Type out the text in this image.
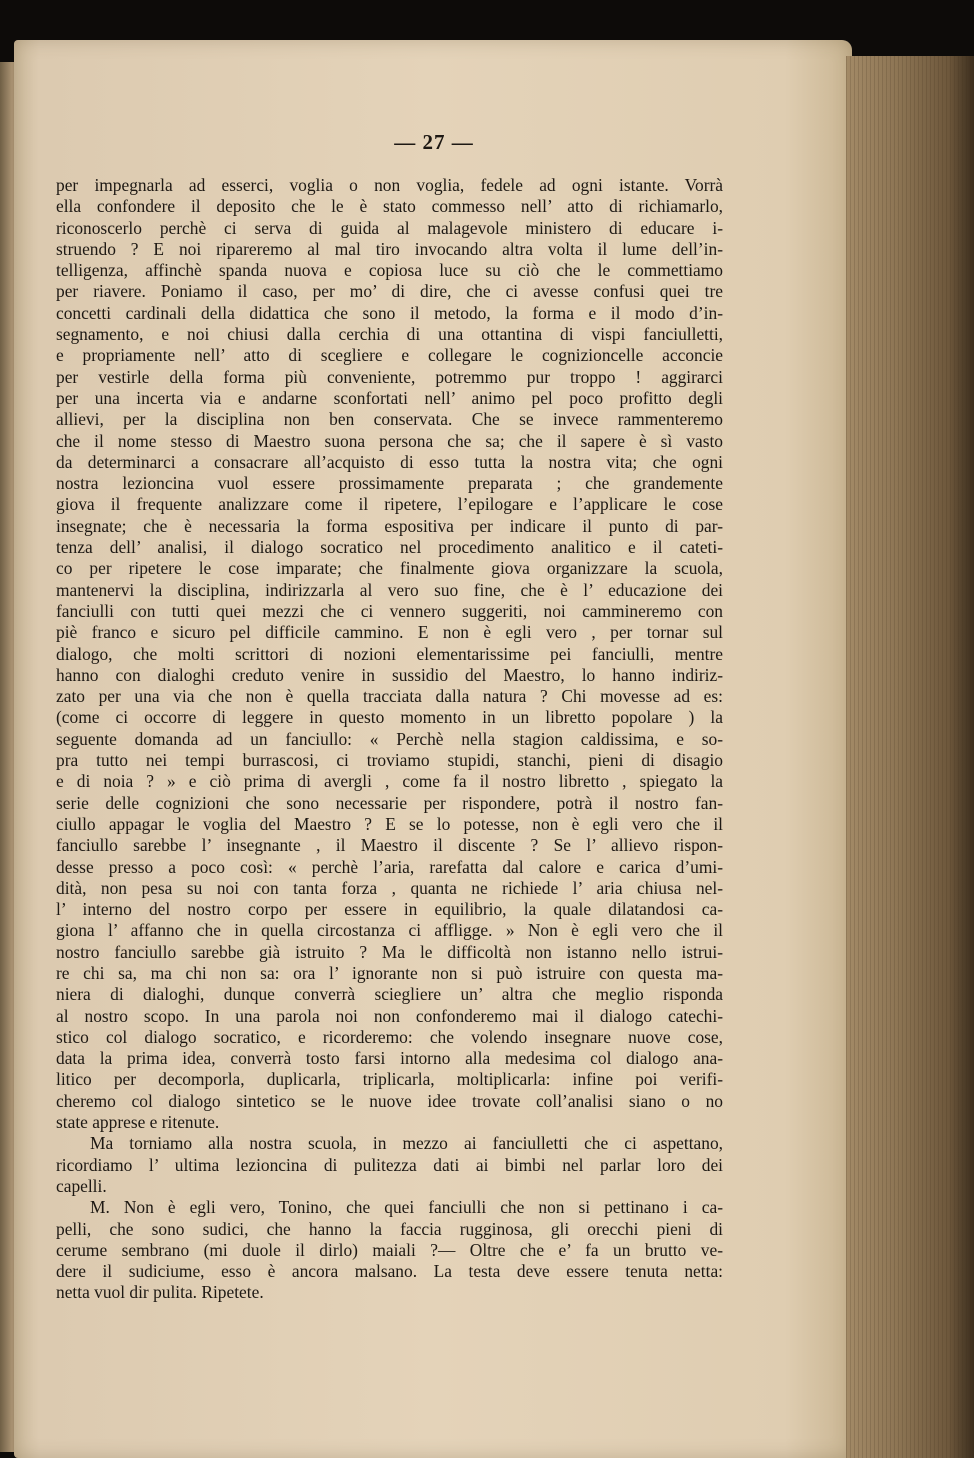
— 27 —
per impegnarla ad esserci, voglia o non voglia, fedele ad ogni istante. Vorrà
ella confondere il deposito che le è stato commesso nell’ atto di richiamarlo,
riconoscerlo perchè ci serva di guida al malagevole ministero di educare i-
struendo ? E noi ripareremo al mal tiro invocando altra volta il lume dell’in-
telligenza, affinchè spanda nuova e copiosa luce su ciò che le commettiamo
per riavere. Poniamo il caso, per mo’ di dire, che ci avesse confusi quei tre
concetti cardinali della didattica che sono il metodo, la forma e il modo d’in-
segnamento, e noi chiusi dalla cerchia di una ottantina di vispi fanciulletti,
e propriamente nell’ atto di scegliere e collegare le cognizioncelle acconcie
per vestirle della forma più conveniente, potremmo pur troppo ! aggirarci
per una incerta via e andarne sconfortati nell’ animo pel poco profitto degli
allievi, per la disciplina non ben conservata. Che se invece rammenteremo
che il nome stesso di Maestro suona persona che sa; che il sapere è sì vasto
da determinarci a consacrare all’acquisto di esso tutta la nostra vita; che ogni
nostra lezioncina vuol essere prossimamente preparata ; che grandemente
giova il frequente analizzare come il ripetere, l’epilogare e l’applicare le cose
insegnate; che è necessaria la forma espositiva per indicare il punto di par-
tenza dell’ analisi, il dialogo socratico nel procedimento analitico e il cateti-
co per ripetere le cose imparate; che finalmente giova organizzare la scuola,
mantenervi la disciplina, indirizzarla al vero suo fine, che è l’ educazione dei
fanciulli con tutti quei mezzi che ci vennero suggeriti, noi cammineremo con
piè franco e sicuro pel difficile cammino. E non è egli vero , per tornar sul
dialogo, che molti scrittori di nozioni elementarissime pei fanciulli, mentre
hanno con dialoghi creduto venire in sussidio del Maestro, lo hanno indiriz-
zato per una via che non è quella tracciata dalla natura ? Chi movesse ad es:
(come ci occorre di leggere in questo momento in un libretto popolare ) la
seguente domanda ad un fanciullo: « Perchè nella stagion caldissima, e so-
pra tutto nei tempi burrascosi, ci troviamo stupidi, stanchi, pieni di disagio
e di noia ? » e ciò prima di avergli , come fa il nostro libretto , spiegato la
serie delle cognizioni che sono necessarie per rispondere, potrà il nostro fan-
ciullo appagar le voglia del Maestro ? E se lo potesse, non è egli vero che il
fanciullo sarebbe l’ insegnante , il Maestro il discente ? Se l’ allievo rispon-
desse presso a poco così: « perchè l’aria, rarefatta dal calore e carica d’umi-
dità, non pesa su noi con tanta forza , quanta ne richiede l’ aria chiusa nel-
l’ interno del nostro corpo per essere in equilibrio, la quale dilatandosi ca-
giona l’ affanno che in quella circostanza ci affligge. » Non è egli vero che il
nostro fanciullo sarebbe già istruito ? Ma le difficoltà non istanno nello istrui-
re chi sa, ma chi non sa: ora l’ ignorante non si può istruire con questa ma-
niera di dialoghi, dunque converrà sciegliere un’ altra che meglio risponda
al nostro scopo. In una parola noi non confonderemo mai il dialogo catechi-
stico col dialogo socratico, e ricorderemo: che volendo insegnare nuove cose,
data la prima idea, converrà tosto farsi intorno alla medesima col dialogo ana-
litico per decomporla, duplicarla, triplicarla, moltiplicarla: infine poi verifi-
cheremo col dialogo sintetico se le nuove idee trovate coll’analisi siano o no
state apprese e ritenute.
Ma torniamo alla nostra scuola, in mezzo ai fanciulletti che ci aspettano,
ricordiamo l’ ultima lezioncina di pulitezza dati ai bimbi nel parlar loro dei
capelli.
M. Non è egli vero, Tonino, che quei fanciulli che non si pettinano i ca-
pelli, che sono sudici, che hanno la faccia rugginosa, gli orecchi pieni di
cerume sembrano (mi duole il dirlo) maiali ?— Oltre che e’ fa un brutto ve-
dere il sudiciume, esso è ancora malsano. La testa deve essere tenuta netta:
netta vuol dir pulita. Ripetete.
